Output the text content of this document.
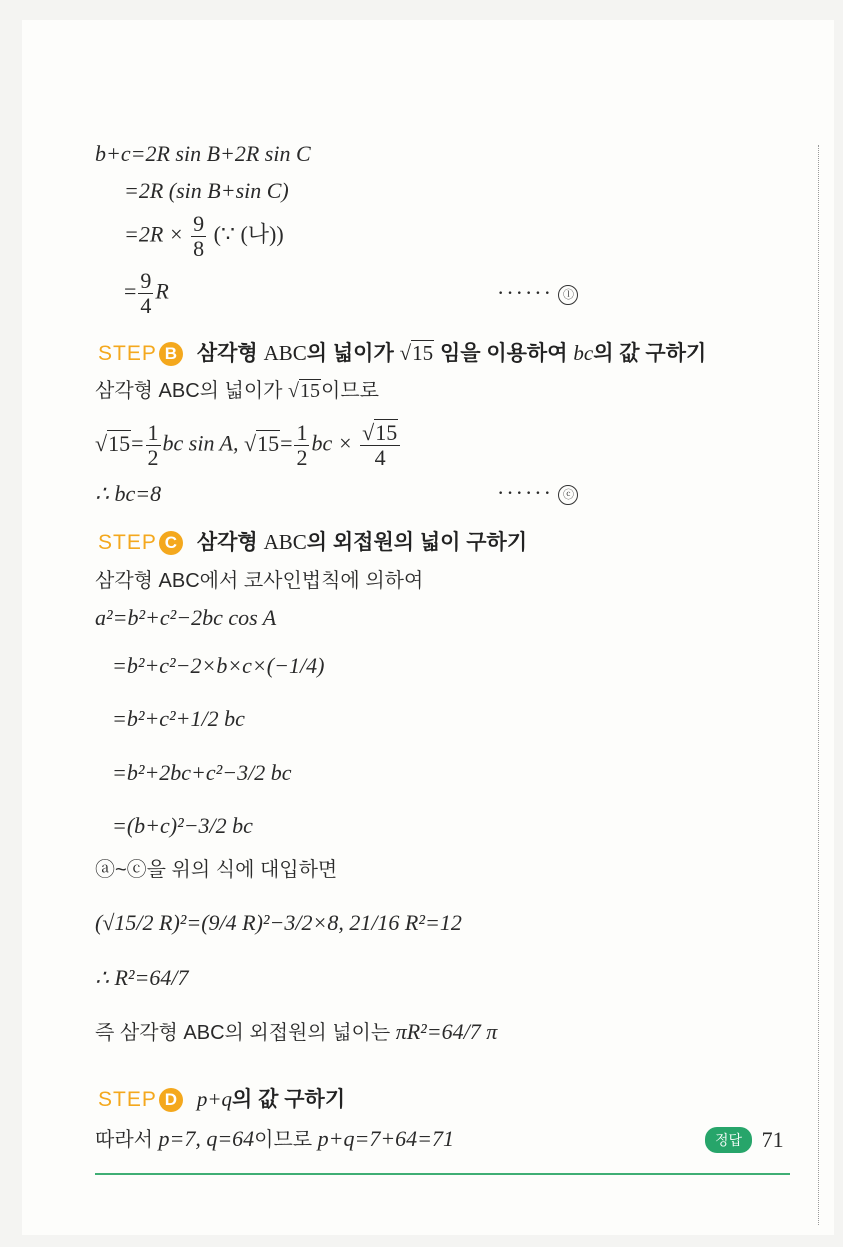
b+c=2R sin B+2R sin C
=2R (sin B+sin C)
$=2R \times \frac{9}{8}$ (∵ (나))
= $\frac{9}{4}$ R	······ ⓛ
STEP B 삼각형 ABC의 넓이가 √15 임을 이용하여 bc의 값 구하기
삼각형 ABC의 넓이가 √15이므로
$√15= \frac{1}{2}$ bc sin A, $√15= \frac{1}{2}$ bc × $\frac{√15}{4}$
∴ bc=8	······ ⓒ
STEP C 삼각형 ABC의 외접원의 넓이 구하기
삼각형 ABC에서 코사인법칙에 의하여
a²=b²+c²−2bc cos A
=b²+c²−2×b×c×(−1/4)
=b²+c²+1/2 bc
=b²+2bc+c²−3/2 bc
=(b+c)²−3/2 bc
ⓐ~ⓒ을 위의 식에 대입하면
(√15/2 R)²=(9/4 R)²−3/2×8, 21/16 R²=12
∴ R²=64/7
즉 삼각형 ABC의 외접원의 넓이는 πR²=64/7 π
STEP D p+q의 값 구하기
따라서 p=7, q=64이므로 p+q=7+64=71	정답 71
